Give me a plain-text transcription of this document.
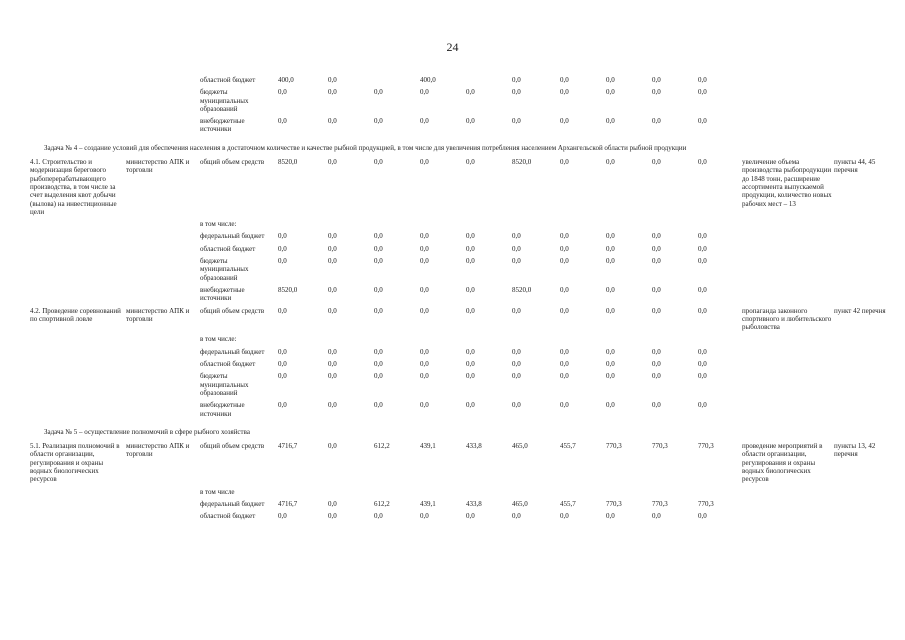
24
		областной бюджет	400,0	0,0		400,0		0,0	0,0	0,0	0,0	0,0		
		бюджеты муниципальных образований	0,0	0,0	0,0	0,0	0,0	0,0	0,0	0,0	0,0	0,0		
		внебюджетные источники	0,0	0,0	0,0	0,0	0,0	0,0	0,0	0,0	0,0	0,0		
Задача № 4 – создание условий для обеспечения населения в достаточном количестве и качестве рыбной продукцией, в том числе для увеличения потребления населением Архангельской области рыбной продукции														
4.1. Строительство и модернизация берегового рыбоперерабатывающего производства, в том числе за счет выделения квот добычи (вылова) на инвестиционные цели	министерство АПК и торговли	общий объем средств	8520,0	0,0	0,0	0,0	0,0	8520,0	0,0	0,0	0,0	0,0	увеличение объема производства рыбопродукции до 1848 тонн, расширение ассортимента выпускаемой продукции, количество новых рабочих мест – 13	пункты 44, 45 перечня
		в том числе:												
		федеральный бюджет	0,0	0,0	0,0	0,0	0,0	0,0	0,0	0,0	0,0	0,0		
		областной бюджет	0,0	0,0	0,0	0,0	0,0	0,0	0,0	0,0	0,0	0,0		
		бюджеты муниципальных образований	0,0	0,0	0,0	0,0	0,0	0,0	0,0	0,0	0,0	0,0		
		внебюджетные источники	8520,0	0,0	0,0	0,0	0,0	8520,0	0,0	0,0	0,0	0,0		
4.2. Проведение соревнований по спортивной ловле	министерство АПК и торговли	общий объем средств	0,0	0,0	0,0	0,0	0,0	0,0	0,0	0,0	0,0	0,0	пропаганда законного спортивного и любительского рыболовства	пункт 42 перечня
		в том числе:												
		федеральный бюджет	0,0	0,0	0,0	0,0	0,0	0,0	0,0	0,0	0,0	0,0		
		областной бюджет	0,0	0,0	0,0	0,0	0,0	0,0	0,0	0,0	0,0	0,0		
		бюджеты муниципальных образований	0,0	0,0	0,0	0,0	0,0	0,0	0,0	0,0	0,0	0,0		
		внебюджетные источники	0,0	0,0	0,0	0,0	0,0	0,0	0,0	0,0	0,0	0,0		
Задача № 5 – осуществление полномочий в сфере рыбного хозяйства														
5.1. Реализация полномочий в области организации, регулирования и охраны водных биологических ресурсов	министерство АПК и торговли	общий объем средств	4716,7	0,0	612,2	439,1	433,8	465,0	455,7	770,3	770,3	770,3	проведение мероприятий в области организации, регулирования и охраны водных биологических ресурсов	пункты 13, 42 перечня
		в том числе												
		федеральный бюджет	4716,7	0,0	612,2	439,1	433,8	465,0	455,7	770,3	770,3	770,3		
		областной бюджет	0,0	0,0	0,0	0,0	0,0	0,0	0,0	0,0	0,0	0,0		
